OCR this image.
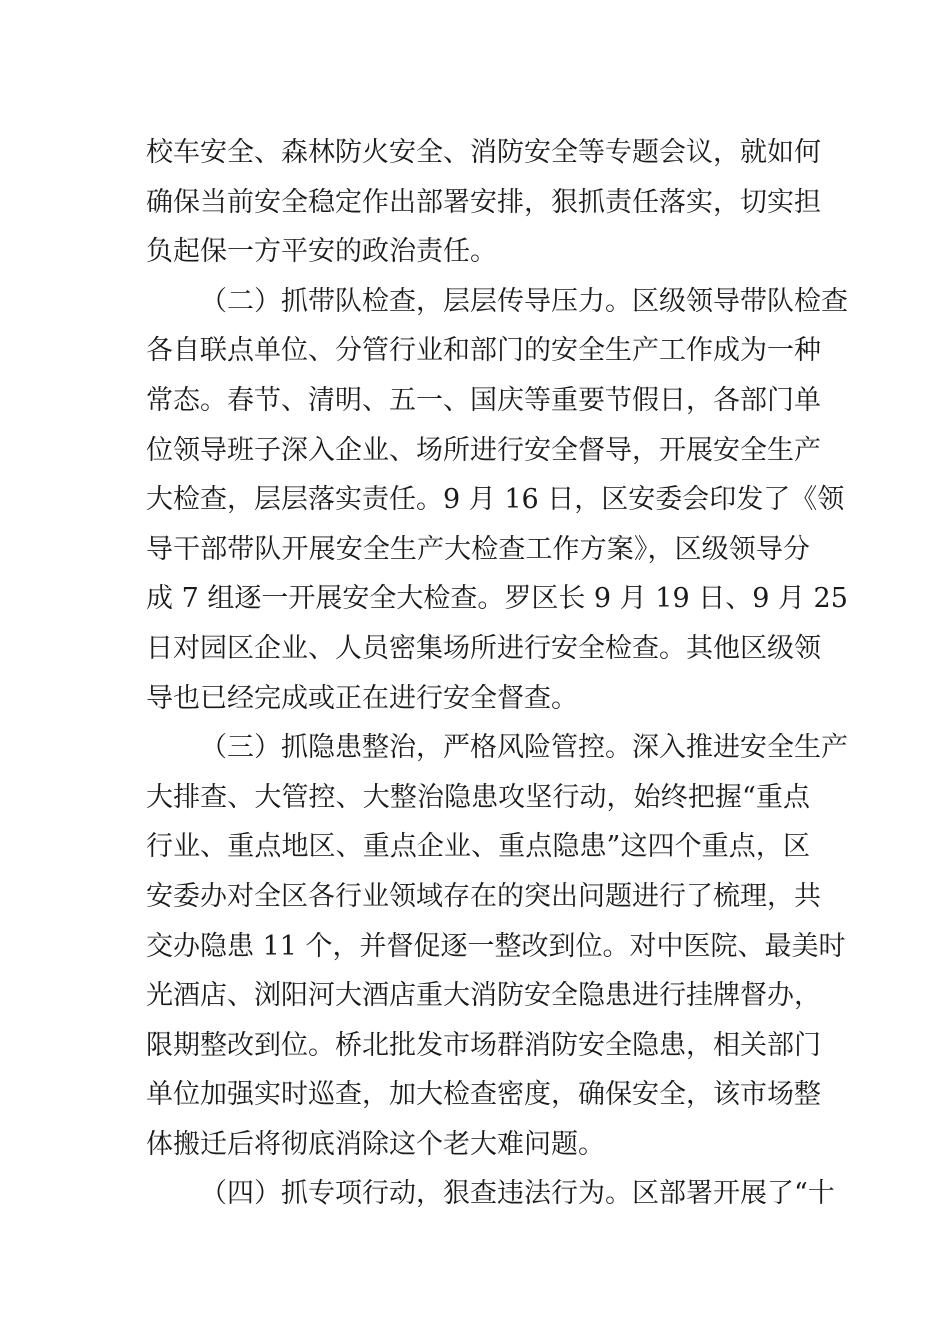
校车安全、森林防火安全、消防安全等专题会议，就如何
确保当前安全稳定作出部署安排，狠抓责任落实，切实担
负起保一方平安的政治责任。
（二）抓带队检查，层层传导压力。区级领导带队检查
各自联点单位、分管行业和部门的安全生产工作成为一种
常态。春节、清明、五一、国庆等重要节假日，各部门单
位领导班子深入企业、场所进行安全督导，开展安全生产
大检查，层层落实责任。9 月 16 日，区安委会印发了《领
导干部带队开展安全生产大检查工作方案》，区级领导分
成 7 组逐一开展安全大检查。罗区长 9 月 19 日、9 月 25
日对园区企业、人员密集场所进行安全检查。其他区级领
导也已经完成或正在进行安全督查。
（三）抓隐患整治，严格风险管控。深入推进安全生产
大排查、大管控、大整治隐患攻坚行动，始终把握“重点
行业、重点地区、重点企业、重点隐患”这四个重点，区
安委办对全区各行业领域存在的突出问题进行了梳理，共
交办隐患 11 个，并督促逐一整改到位。对中医院、最美时
光酒店、浏阳河大酒店重大消防安全隐患进行挂牌督办，
限期整改到位。桥北批发市场群消防安全隐患，相关部门
单位加强实时巡查，加大检查密度，确保安全，该市场整
体搬迁后将彻底消除这个老大难问题。
（四）抓专项行动，狠查违法行为。区部署开展了“十
